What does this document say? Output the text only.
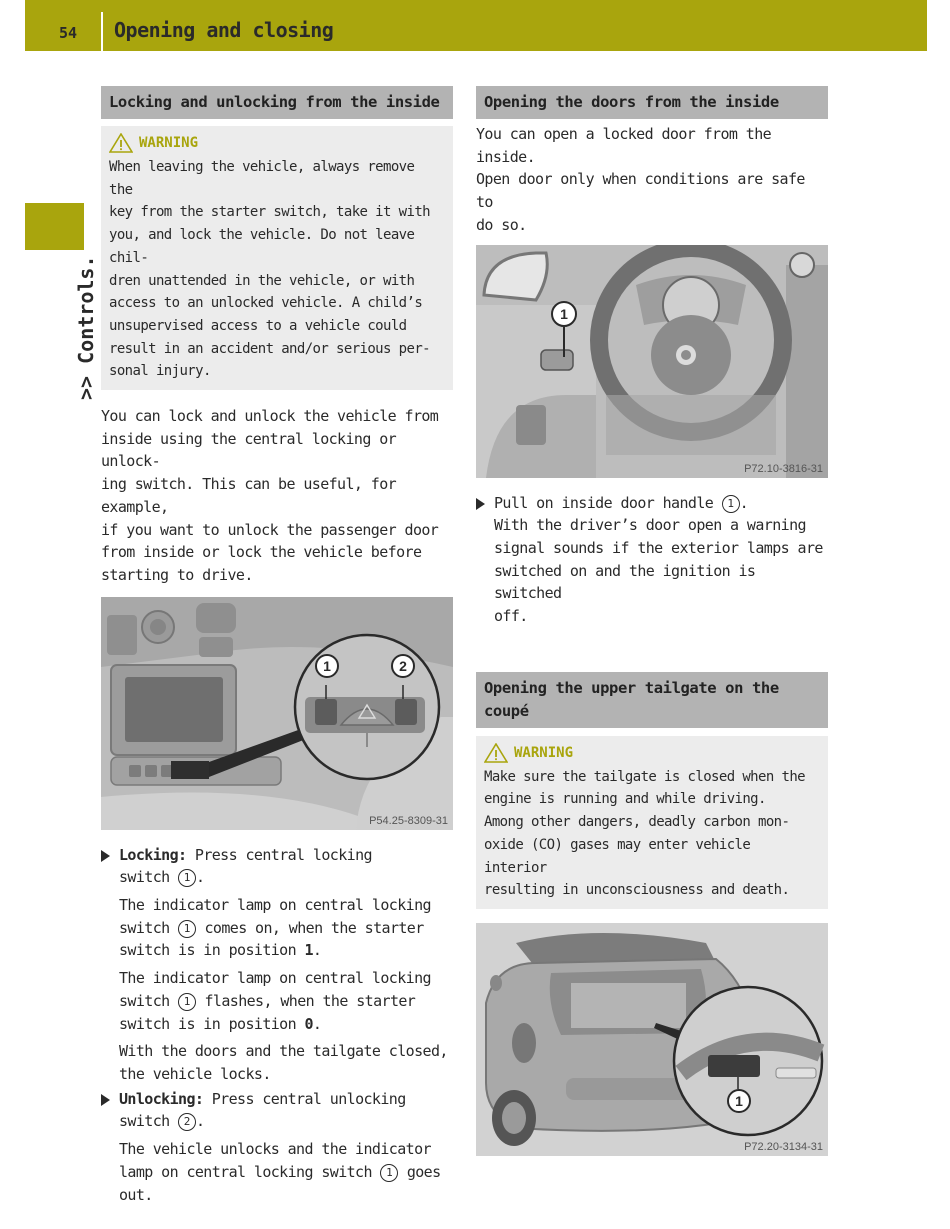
54	Opening and closing
>> Controls.
Locking and unlocking from the inside
WARNING
When leaving the vehicle, always remove the
key from the starter switch, take it with
you, and lock the vehicle. Do not leave chil-
dren unattended in the vehicle, or with
access to an unlocked vehicle. A child’s
unsupervised access to a vehicle could
result in an accident and/or serious per-
sonal injury.
You can lock and unlock the vehicle from
inside using the central locking or unlock-
ing switch. This can be useful, for example,
if you want to unlock the passenger door
from inside or lock the vehicle before
starting to drive.
1	2
P54.25-8309-31
Locking: Press central locking
switch 1 .
The indicator lamp on central locking
switch 1 comes on, when the starter
switch is in position 1.
The indicator lamp on central locking
switch 1 flashes, when the starter
switch is in position 0.
With the doors and the tailgate closed,
the vehicle locks.
Unlocking: Press central unlocking
switch 2 .
The vehicle unlocks and the indicator
lamp on central locking switch 1 goes
out.
Opening the doors from the inside
You can open a locked door from the inside.
Open door only when conditions are safe to
do so.
1
P72.10-3816-31
Pull on inside door handle 1 .
With the driver’s door open a warning
signal sounds if the exterior lamps are
switched on and the ignition is switched
off.
Opening the upper tailgate on the
coupé
WARNING
Make sure the tailgate is closed when the
engine is running and while driving.
Among other dangers, deadly carbon mon-
oxide (CO) gases may enter vehicle interior
resulting in unconsciousness and death.
1
P72.20-3134-31
